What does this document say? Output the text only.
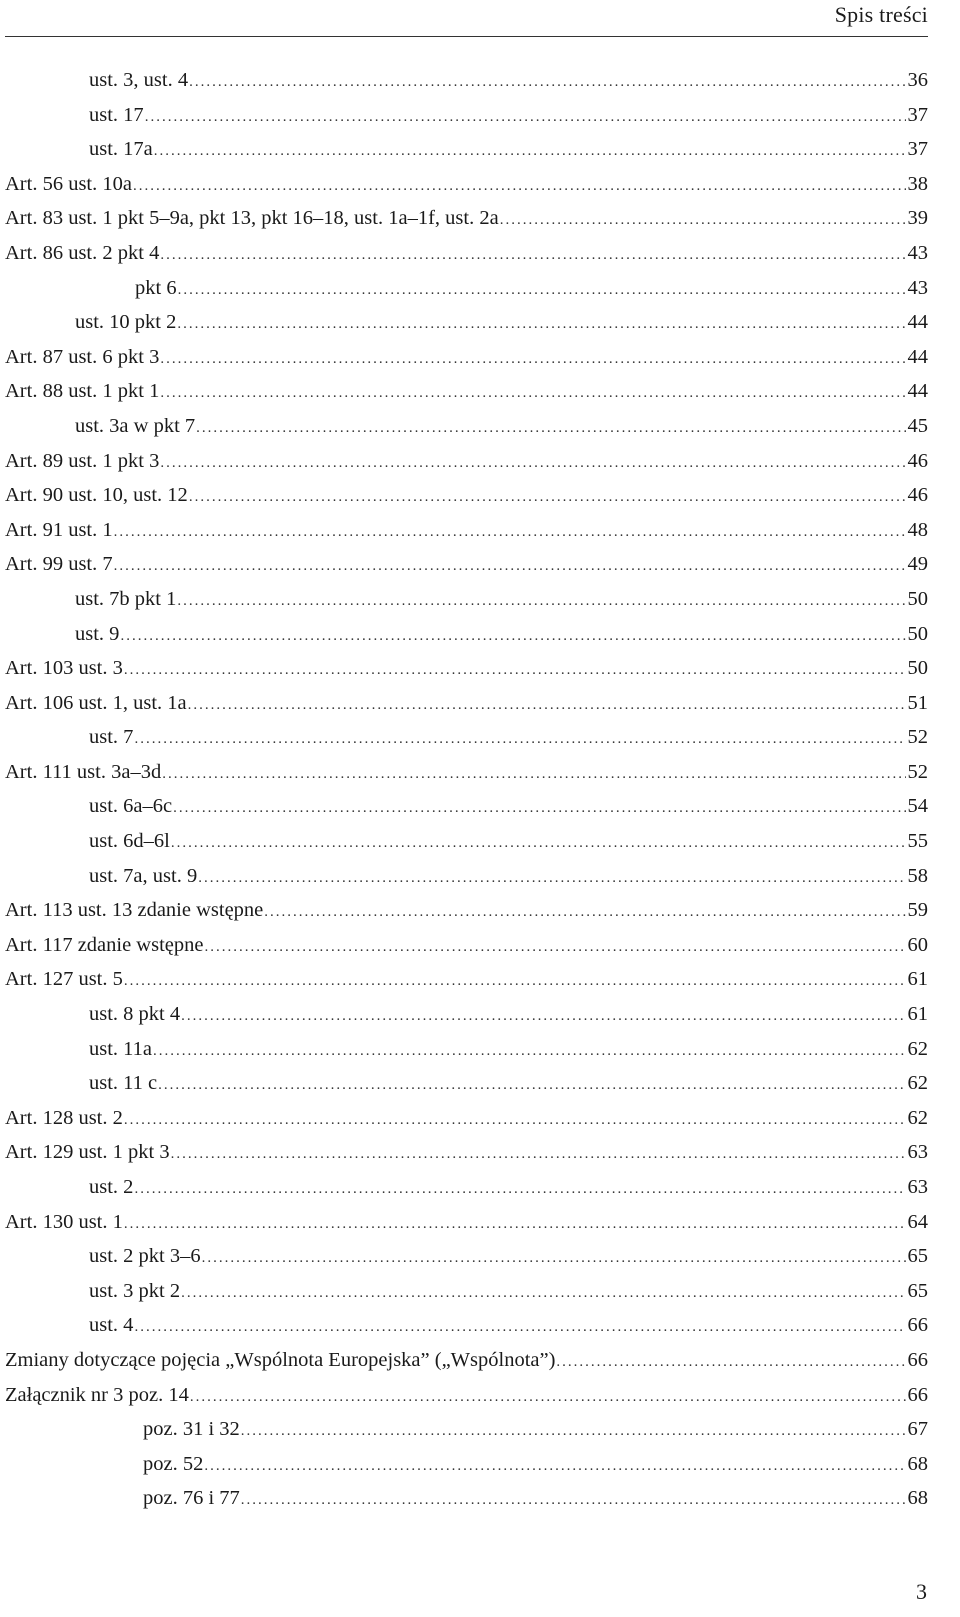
Spis treści
ust. 3, ust. 4 .....	36
ust. 17 .....	37
ust. 17a .....	37
Art. 56 ust. 10a .....	38
Art. 83 ust. 1 pkt 5–9a, pkt 13, pkt 16–18, ust. 1a–1f, ust. 2a .....	39
Art. 86 ust. 2 pkt 4 .....	43
pkt 6 .....	43
ust. 10 pkt 2 .....	44
Art. 87 ust. 6 pkt 3 .....	44
Art. 88 ust. 1 pkt 1 .....	44
ust. 3a w pkt 7 .....	45
Art. 89 ust. 1 pkt 3 .....	46
Art. 90 ust. 10, ust. 12 .....	46
Art. 91 ust. 1 .....	48
Art. 99 ust. 7 .....	49
ust. 7b pkt 1 .....	50
ust. 9 .....	50
Art. 103 ust. 3 .....	50
Art. 106 ust. 1, ust. 1a .....	51
ust. 7 .....	52
Art. 111 ust. 3a–3d .....	52
ust. 6a–6c .....	54
ust. 6d–6l .....	55
ust. 7a, ust. 9 .....	58
Art. 113 ust. 13 zdanie wstępne .....	59
Art. 117 zdanie wstępne .....	60
Art. 127 ust. 5 .....	61
ust. 8 pkt 4 .....	61
ust. 11a .....	62
ust. 11 c .....	62
Art. 128 ust. 2 .....	62
Art. 129 ust. 1 pkt 3 .....	63
ust. 2 .....	63
Art. 130 ust. 1 .....	64
ust. 2 pkt 3–6 .....	65
ust. 3 pkt 2 .....	65
ust. 4 .....	66
Zmiany dotyczące pojęcia „Wspólnota Europejska” („Wspólnota”) .....	66
Załącznik nr 3 poz. 14 .....	66
poz. 31 i 32 .....	67
poz. 52 .....	68
poz. 76 i 77 .....	68
3
